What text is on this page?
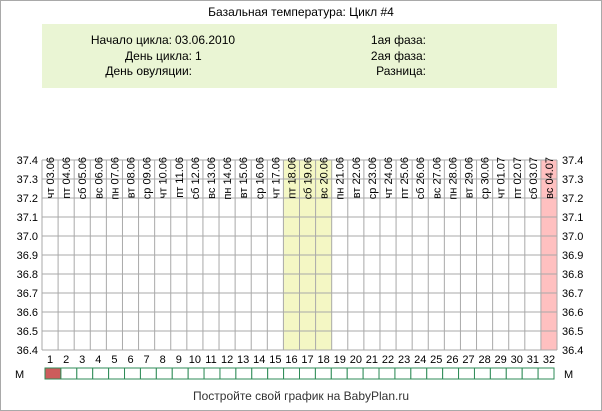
Базальная температура: Цикл #4
Начало цикла: 03.06.2010
День цикла: 1
День овуляции:
1ая фаза:
2ая фаза:
Разница:
37.4	37.4
37.3	37.3
37.2	37.2
37.1	37.1
37.0	37.0
36.9	36.9
36.8	36.8
36.7	36.7
36.6	36.6
36.5	36.5
36.4	36.4
чт 03.06 пт 04.06 сб 05.06 вс 06.06 пн 07.06 вт 08.06 ср 09.06 чт 10.06 пт 11.06 сб 12.06 вс 13.06 пн 14.06 вт 15.06 ср 16.06 чт 17.06 пт 18.06 сб 19.06 вс 20.06 пн 21.06 вт 22.06 ср 23.06 чт 24.06 пт 25.06 сб 26.06 вс 27.06 пн 28.06 вт 29.06 ср 30.06 чт 01.07 пт 02.07 сб 03.07 вс 04.07
1 2 3 4 5 6 7 8 9 10 11 12 13 14 15 16 17 18 19 20 21 22 23 24 25 26 27 28 29 30 31 32
М	М
Постройте свой график на BabyPlan.ru
